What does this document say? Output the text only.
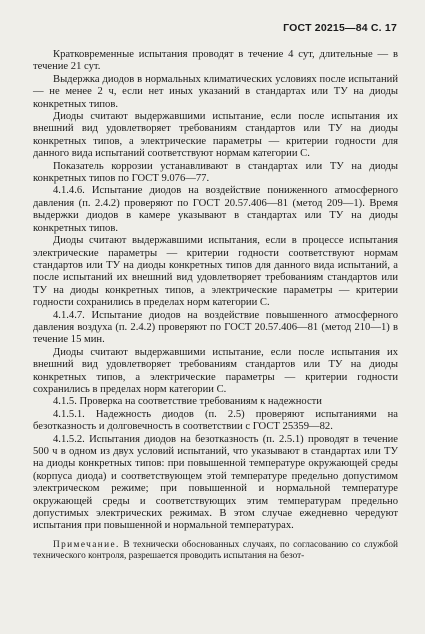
ГОСТ 20215—84 С. 17

Кратковременные испытания проводят в течение 4 сут, длительные — в течение 21 сут.

Выдержка диодов в нормальных климатических условиях после испытаний — не менее 2 ч, если нет иных указаний в стандартах или ТУ на диоды конкретных типов.

Диоды считают выдержавшими испытание, если после испытания их внешний вид удовлетворяет требованиям стандартов или ТУ на диоды конкретных типов, а электрические параметры — критерии годности для данного вида испытаний соответствуют нормам категории С.

Показатель коррозии устанавливают в стандартах или ТУ на диоды конкретных типов по ГОСТ 9.076—77.

4.1.4.6. Испытание диодов на воздействие пониженного атмосферного давления (п. 2.4.2) проверяют по ГОСТ 20.57.406—81 (метод 209—1). Время выдержки диодов в камере указывают в стандартах или ТУ на диоды конкретных типов.

Диоды считают выдержавшими испытания, если в процессе испытания электрические параметры — критерии годности соответствуют нормам стандартов или ТУ на диоды конкретных типов для данного вида испытаний, а после испытаний их внешний вид удовлетворяет требованиям стандартов или ТУ на диоды конкретных типов, а электрические параметры — критерии годности сохранились в пределах норм категории С.

4.1.4.7. Испытание диодов на воздействие повышенного атмосферного давления воздуха (п. 2.4.2) проверяют по ГОСТ 20.57.406—81 (метод 210—1) в течение 15 мин.

Диоды считают выдержавшими испытание, если после испытания их внешний вид удовлетворяет требованиям стандартов или ТУ на диоды конкретных типов, а электрические параметры — критерии годности сохранились в пределах норм категории С.

4.1.5. Проверка на соответствие требованиям к надежности

4.1.5.1. Надежность диодов (п. 2.5) проверяют испытаниями на безотказность и долговечность в соответствии с ГОСТ 25359—82.

4.1.5.2. Испытания диодов на безотказность (п. 2.5.1) проводят в течение 500 ч в одном из двух условий испытаний, что указывают в стандартах или ТУ на диоды конкретных типов: при повышенной температуре окружающей среды (корпуса диода) и соответствующем этой температуре предельно допустимом электрическом режиме; при повышенной и нормальной температуре окружающей среды и соответствующих этим температурам предельно допустимых электрических режимах. В этом случае ежедневно чередуют испытания при повышенной и нормальной температурах.

Примечание. В технически обоснованных случаях, по согласованию со службой технического контроля, разрешается проводить испытания на безот-
